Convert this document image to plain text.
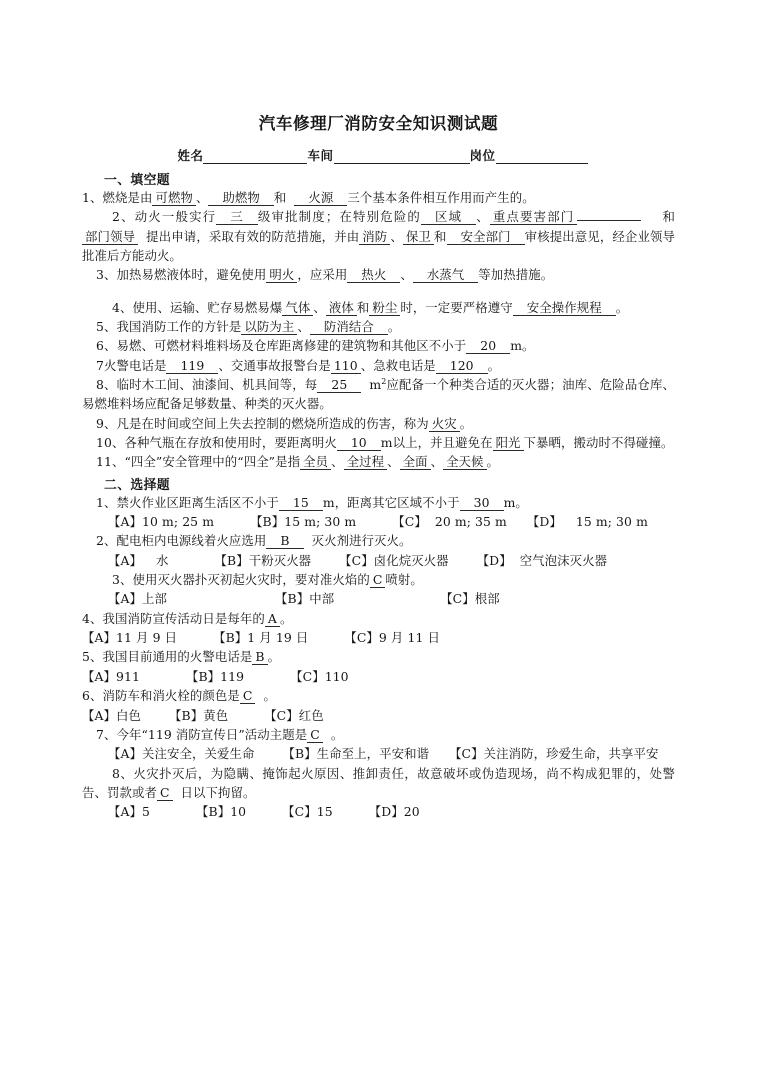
汽车修理厂消防安全知识测试题
姓名	车间	岗位
一、填空题

1、燃烧是由 可燃物 、 助燃物 和 火源 三个基本条件相互作用而产生的。

2、动火一般实行 三 级审批制度；在特别危险的 区域 、 重点要害部门	和部门领导 提出申请，采取有效的防范措施，并由 消防 、 保卫 和 安全部门 审核提出意见，经企业领导批准后方能动火。

3、加热易燃液体时，避免使用 明火 ，应采用 热火 、 水蒸气 等加热措施。

4、使用、运输、贮存易燃易爆 气体 、 液体 和 粉尘 时，一定要严格遵守 安全操作规程 。

5、我国消防工作的方针是 以防为主 、 防消结合 。

6、易燃、可燃材料堆料场及仓库距离修建的建筑物和其他区不小于 20 m。

7火警电话是 119 、交通事故报警台是 110 、急救电话是 120 。

8、临时木工间、油漆间、机具间等，每 25 $m^2$应配备一个种类合适的灭火器；油库、危险品仓库、易燃堆料场应配备足够数量、种类的灭火器。

9、凡是在时间或空间上失去控制的燃烧所造成的伤害，称为 火灾 。

10、各种气瓶在存放和使用时，要距离明火 10 m以上，并且避免在 阳光 下暴晒，搬动时不得碰撞。

11、“四全”安全管理中的“四全”是指 全员 、 全过程 、 全面 、 全天候 。

二、选择题

1、禁火作业区距离生活区不小于 15 m，距离其它区域不小于 30 m。

【A】10 m; 25 m	【B】15 m; 30 m	【C】 20 m; 35 m 【D】 15 m; 30 m

2、配电柜内电源线着火应选用 B 灭火剂进行灭火。

【A】 水	【B】干粉灭火器 【C】卤化烷灭火器 【D】 空气泡沫灭火器

3、使用灭火器扑灭初起火灾时，要对准火焰的 C 喷射。

【A】上部	【B】中部	【C】根部

4、我国消防宣传活动日是每年的 A 。

【A】11 月 9 日	【B】1 月 19 日	【C】9 月 11 日

5、我国目前通用的火警电话是 B 。

【A】911	【B】119	【C】110

6、消防车和消火栓的颜色是 C 。

【A】白色 【B】黄色	【C】红色

7、今年“119 消防宣传日”活动主题是 C 。

【A】关注安全，关爱生命 【B】生命至上，平安和谐 【C】关注消防，珍爱生命，共享平安

8、火灾扑灭后，为隐瞒、掩饰起火原因、推卸责任，故意破坏或伪造现场，尚不构成犯罪的，处警告、罚款或者 C 日以下拘留。

【A】5	【B】10	【C】15	【D】20
